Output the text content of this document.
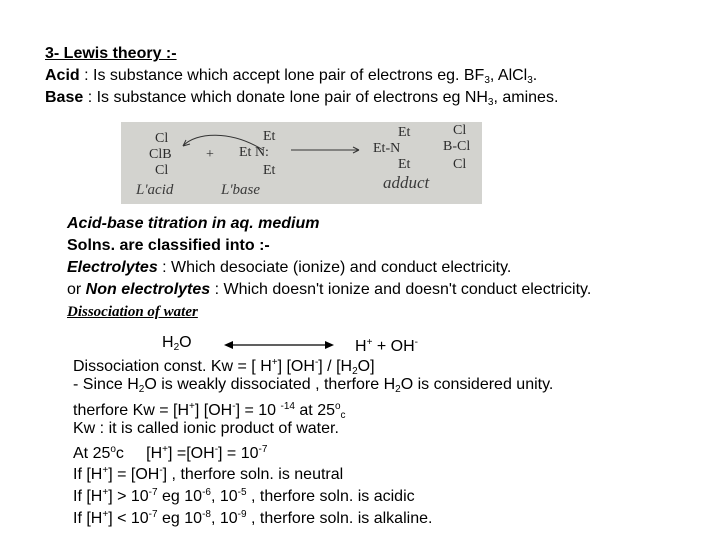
3- Lewis theory :-
Acid : Is substance which accept lone pair of electrons eg. $BF_3$, AlCl$_3$.
Base : Is substance which donate lone pair of electrons eg $NH_3$, amines.
Cl
ClB
Cl
+
Et
Et N:
Et
Et
Et-N
Et
Cl
B-Cl
Cl
L'acid	L'base	adduct
Acid-base titration in aq. medium
Solns. are classified into :-
Electrolytes : Which desociate (ionize) and conduct electricity.
or Non electrolytes : Which doesn't ionize and doesn't conduct electricity.
Dissociation of water
$H_2O$	H+ + OH-
Dissociation const. Kw = [ H+] $[OH^-] / [H_2O]$
- Since $H_2O$ is weakly dissociated , therfore $H_2O$ is considered unity.
therfore Kw = [H+] [OH-] = 10 $^{-14}$ at $25^o_c$
Kw : it is called ionic product of water.
At 25$^o$c     $[H^+] =[OH^-] = 10^{-7}$
If [H+] = [OH-] , therfore soln. is neutral
If $[H^+] > 10^{-7}$ eg $10^{-6}$, $10^{-5}$ , therfore soln. is acidic
If $[H^+] < 10^{-7}$ eg $10^{-8}$, $10^{-9}$ , therfore soln. is alkaline.
